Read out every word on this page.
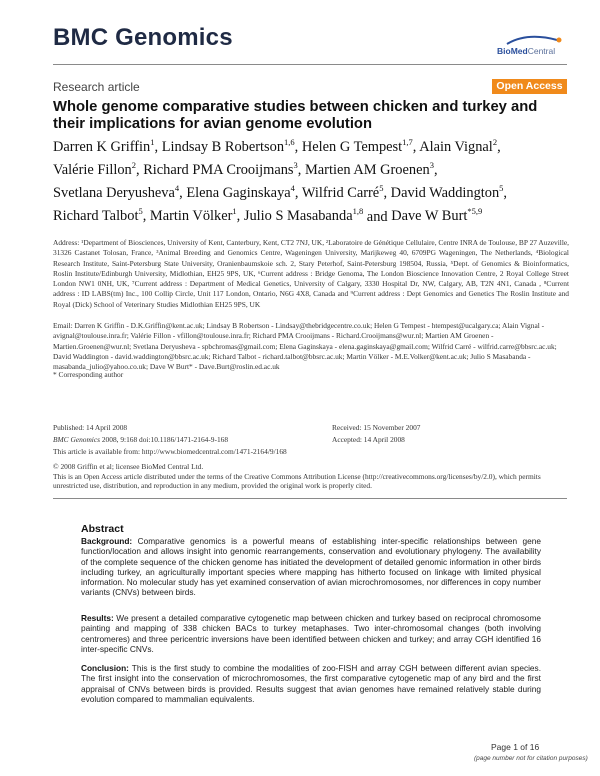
BMC Genomics	BioMedCentral
Research article	Open Access
Whole genome comparative studies between chicken and turkey and their implications for avian genome evolution
Darren K Griffin$^1$, Lindsay B Robertson$^{1,6}$, Helen G Tempest$^{1,7}$, Alain Vignal$^2$, Valérie Fillon$^2$, Richard PMA Crooijmans$^3$, Martien AM Groenen$^3$, Svetlana Deryusheva$^4$, Elena Gaginskaya$^4$, Wilfrid Carré$^5$, David Waddington$^5$, Richard Talbot$^5$, Martin Völker$^1$, Julio S Masabanda$^{1,8}$ and Dave W Burt$^{*5,9}$
Address: ¹Department of Biosciences, University of Kent, Canterbury, Kent, CT2 7NJ, UK, ²Laboratoire de Génétique Cellulaire, Centre INRA de Toulouse, BP 27 Auzeville, 31326 Castanet Tolosan, France, ³Animal Breeding and Genomics Centre, Wageningen University, Marijkeweg 40, 6709PG Wageningen, The Netherlands, ⁴Biological Research Institute, Saint-Petersburg State University, Oranienbaumskoie sch. 2, Stary Peterhof, Saint-Petersburg 198504, Russia, ⁵Dept. of Genomics & Bioinformatics, Roslin Institute/Edinburgh University, Midlothian, EH25 9PS, UK, ⁶Current address : Bridge Genoma, The London Bioscience Innovation Centre, 2 Royal College Street London NW1 0NH, UK, ⁷Current address : Department of Medical Genetics, University of Calgary, 3330 Hospital Dr, NW, Calgary, AB, T2N 4N1, Canada , ⁸Current address : ID LABS(tm) Inc., 100 Collip Circle, Unit 117 London, Ontario, N6G 4X8, Canada and ⁹Current address : Dept Genomics and Genetics The Roslin Institute and Royal (Dick) School of Veterinary Studies Midlothian EH25 9PS, UK
Email: Darren K Griffin - D.K.Griffin@kent.ac.uk; Lindsay B Robertson - Lindsay@thebridgecentre.co.uk; Helen G Tempest - htempest@ucalgary.ca; Alain Vignal - avignal@toulouse.inra.fr; Valérie Fillon - vfillon@toulouse.inra.fr; Richard PMA Crooijmans - Richard.Crooijmans@wur.nl; Martien AM Groenen - Martien.Groenen@wur.nl; Svetlana Deryusheva - spbchromas@gmail.com; Elena Gaginskaya - elena.gaginskaya@gmail.com; Wilfrid Carré - wilfrid.carre@bbsrc.ac.uk; David Waddington - david.waddington@bbsrc.ac.uk; Richard Talbot - richard.talbot@bbsrc.ac.uk; Martin Völker - M.E.Volker@kent.ac.uk; Julio S Masabanda - masabanda_julio@yahoo.co.uk; Dave W Burt* - Dave.Burt@roslin.ed.ac.uk
* Corresponding author
Published: 14 April 2008
BMC Genomics 2008, 9:168 doi:10.1186/1471-2164-9-168
Received: 15 November 2007
Accepted: 14 April 2008
This article is available from: http://www.biomedcentral.com/1471-2164/9/168
© 2008 Griffin et al; licensee BioMed Central Ltd.
This is an Open Access article distributed under the terms of the Creative Commons Attribution License (http://creativecommons.org/licenses/by/2.0), which permits unrestricted use, distribution, and reproduction in any medium, provided the original work is properly cited.
Abstract
Background: Comparative genomics is a powerful means of establishing inter-specific relationships between gene function/location and allows insight into genomic rearrangements, conservation and evolutionary phylogeny. The availability of the complete sequence of the chicken genome has initiated the development of detailed genomic information in other birds including turkey, an agriculturally important species where mapping has hitherto focused on linkage with limited physical information. No molecular study has yet examined conservation of avian microchromosomes, nor differences in copy number variants (CNVs) between birds.
Results: We present a detailed comparative cytogenetic map between chicken and turkey based on reciprocal chromosome painting and mapping of 338 chicken BACs to turkey metaphases. Two inter-chromosomal changes (both involving centromeres) and three pericentric inversions have been identified between chicken and turkey; and array CGH identified 16 inter-specific CNVs.
Conclusion: This is the first study to combine the modalities of zoo-FISH and array CGH between different avian species. The first insight into the conservation of microchromosomes, the first comparative cytogenetic map of any bird and the first appraisal of CNVs between birds is provided. Results suggest that avian genomes have remained relatively stable during evolution compared to mammalian equivalents.
Page 1 of 16
(page number not for citation purposes)
